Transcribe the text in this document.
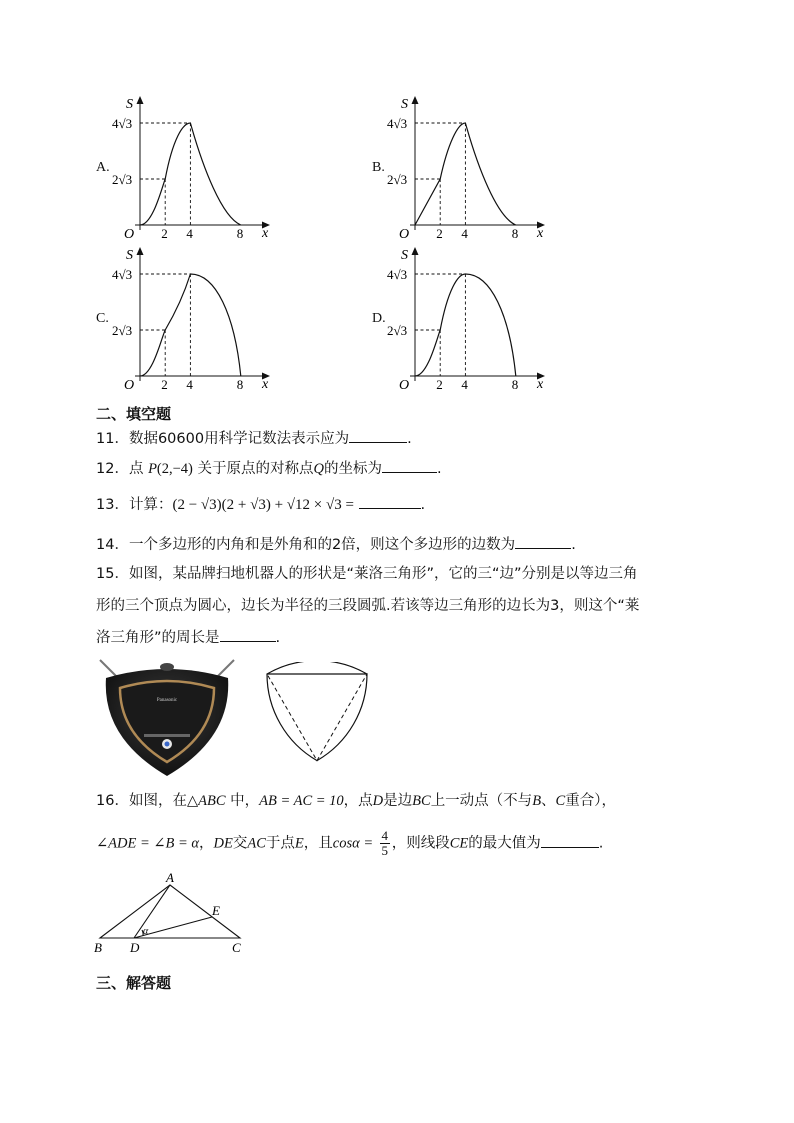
A.	B.
C.	D.
S
x
O
4√3
2√3
2 4	8
S
x
O
4√3
2√3
2 4	8
S
x
O
4√3
2√3
2 4	8
S
x
O
4√3
2√3
2 4	8
二、填空题
11．数据60600用科学记数法表示应为	.
12．点 P(2,−4) 关于原点的对称点Q的坐标为	.
13．计算：(2 − √3)(2 + √3) + √12 × √3 =	.
14．一个多边形的内角和是外角和的2倍，则这个多边形的边数为	.
15．如图，某品牌扫地机器人的形状是“莱洛三角形”，它的三“边”分别是以等边三角
形的三个顶点为圆心，边长为半径的三段圆弧.若该等边三角形的边长为3，则这个“莱
洛三角形”的周长是	.
Panasonic
16．如图，在△ABC 中，AB = AC = 10，点D是边BC上一动点（不与B、C重合），
∠ADE = ∠B = α，DE交AC于点E，且$\cos\alpha = \frac{4}{5}$ ，则线段CE的最大值为	.
A
B D	C
E
α
三、解答题
